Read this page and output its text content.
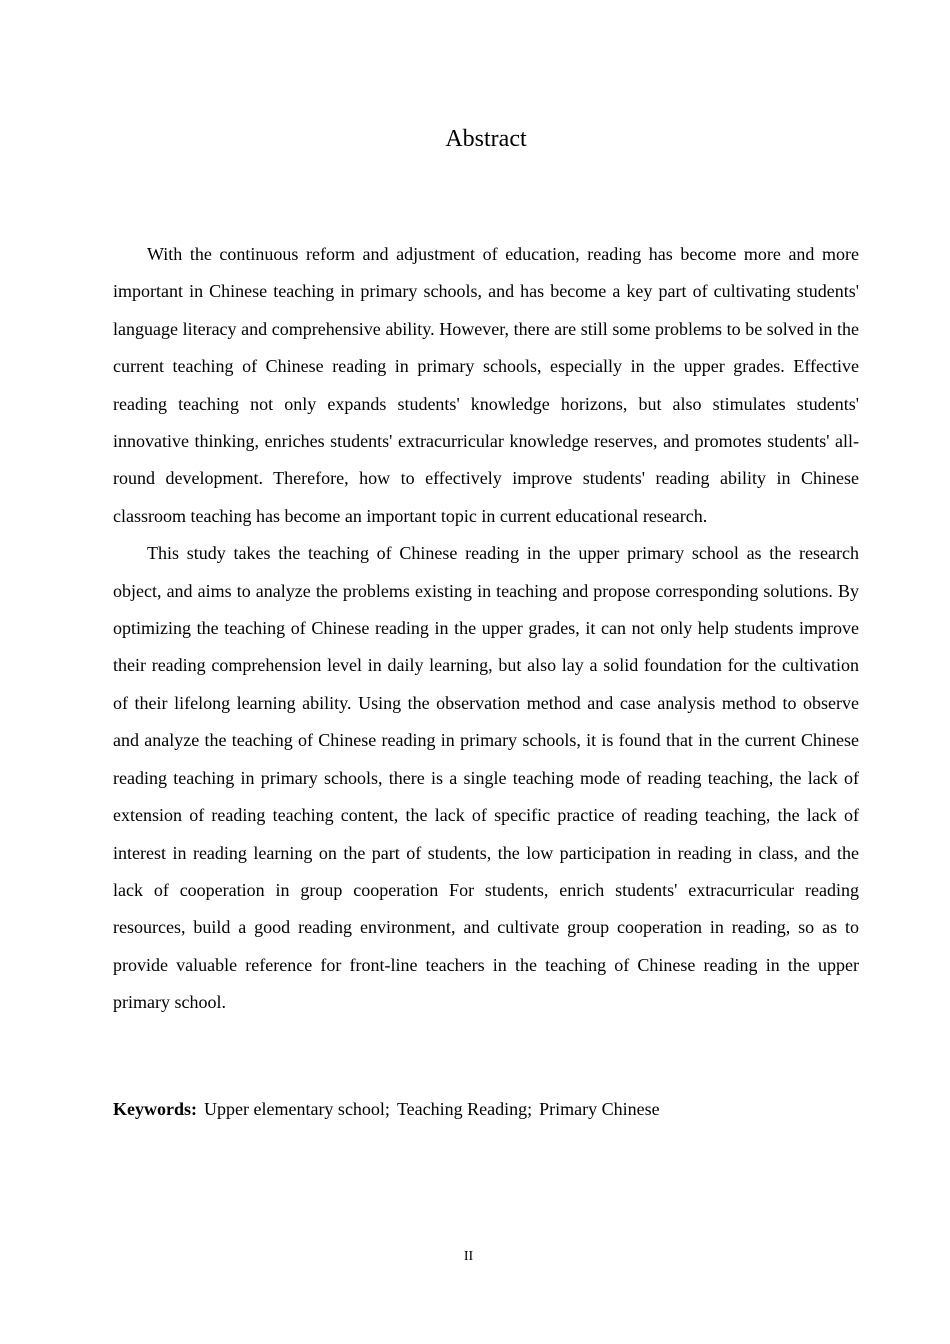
Abstract

With the continuous reform and adjustment of education, reading has become more and more important in Chinese teaching in primary schools, and has become a key part of cultivating students' language literacy and comprehensive ability. However, there are still some problems to be solved in the current teaching of Chinese reading in primary schools, especially in the upper grades. Effective reading teaching not only expands students' knowledge horizons, but also stimulates students' innovative thinking, enriches students' extracurricular knowledge reserves, and promotes students' all-round development. Therefore, how to effectively improve students' reading ability in Chinese classroom teaching has become an important topic in current educational research.

This study takes the teaching of Chinese reading in the upper primary school as the research object, and aims to analyze the problems existing in teaching and propose corresponding solutions. By optimizing the teaching of Chinese reading in the upper grades, it can not only help students improve their reading comprehension level in daily learning, but also lay a solid foundation for the cultivation of their lifelong learning ability. Using the observation method and case analysis method to observe and analyze the teaching of Chinese reading in primary schools, it is found that in the current Chinese reading teaching in primary schools, there is a single teaching mode of reading teaching, the lack of extension of reading teaching content, the lack of specific practice of reading teaching, the lack of interest in reading learning on the part of students, the low participation in reading in class, and the lack of cooperation in group cooperation For students, enrich students' extracurricular reading resources, build a good reading environment, and cultivate group cooperation in reading, so as to provide valuable reference for front-line teachers in the teaching of Chinese reading in the upper primary school.

Keywords: Upper elementary school; Teaching Reading; Primary Chinese
II
